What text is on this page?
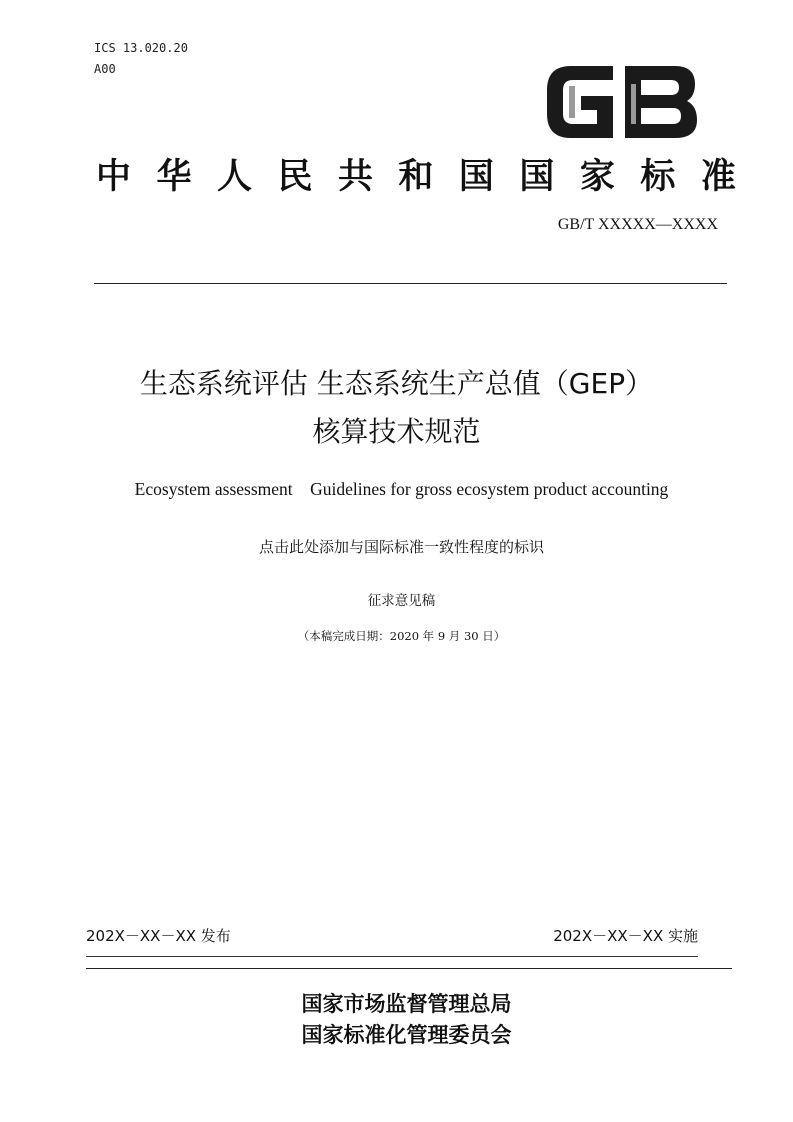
ICS 13.020.20
A00
中 华 人 民 共 和 国 国 家 标 准
GB/T XXXXX—XXXX
生态系统评估 生态系统生产总值（GEP）
核算技术规范
Ecosystem assessment    Guidelines for gross ecosystem product accounting
点击此处添加与国际标准一致性程度的标识
征求意见稿
（本稿完成日期：2020 年 9 月 30 日）
202X－XX－XX 发布	202X－XX－XX 实施
国家市场监督管理总局
国家标准化管理委员会
